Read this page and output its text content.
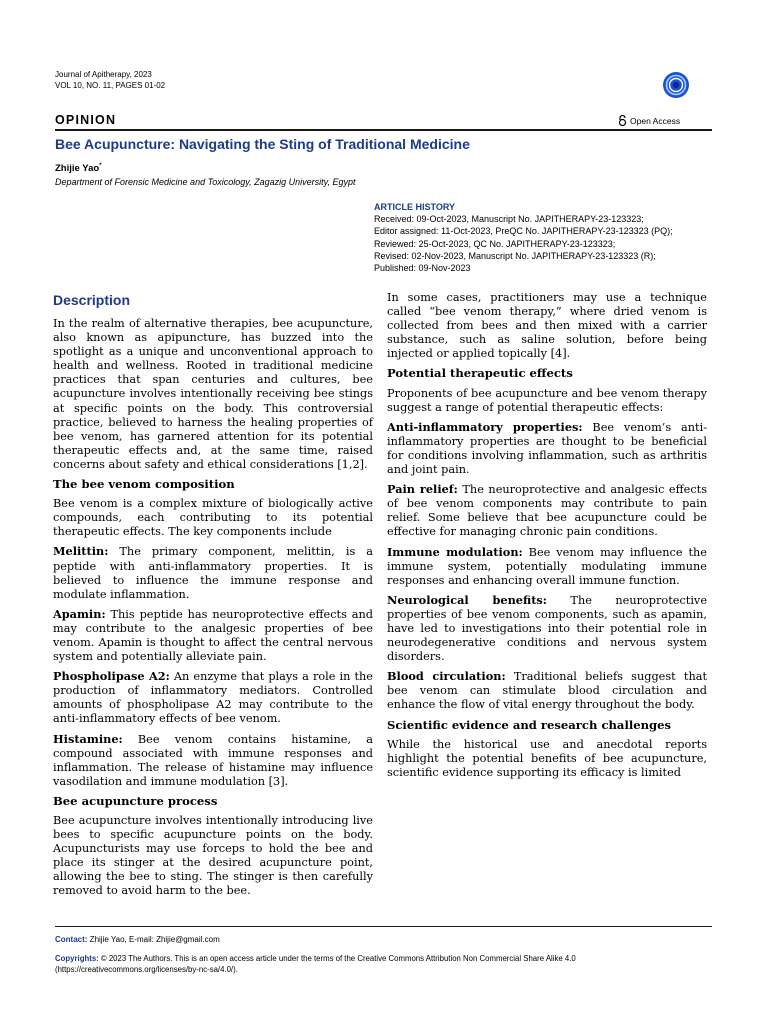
Journal of Apitherapy, 2023
VOL 10, NO. 11, PAGES 01-02
OPINION	Open Access
Bee Acupuncture: Navigating the Sting of Traditional Medicine
Zhijie Yao*
Department of Forensic Medicine and Toxicology, Zagazig University, Egypt
ARTICLE HISTORY
Received: 09-Oct-2023, Manuscript No. JAPITHERAPY-23-123323;
Editor assigned: 11-Oct-2023, PreQC No. JAPITHERAPY-23-123323 (PQ);
Reviewed: 25-Oct-2023, QC No. JAPITHERAPY-23-123323;
Revised: 02-Nov-2023, Manuscript No. JAPITHERAPY-23-123323 (R);
Published: 09-Nov-2023
Description

In the realm of alternative therapies, bee acupuncture, also known as apipuncture, has buzzed into the spotlight as a unique and unconventional approach to health and wellness. Rooted in traditional medicine practices that span centuries and cultures, bee acupuncture involves intentionally receiving bee stings at specific points on the body. This controversial practice, believed to harness the healing properties of bee venom, has garnered attention for its potential therapeutic effects and, at the same time, raised concerns about safety and ethical considerations [1,2].

The bee venom composition

Bee venom is a complex mixture of biologically active compounds, each contributing to its potential therapeutic effects. The key components include

Melittin: The primary component, melittin, is a peptide with anti-inflammatory properties. It is believed to influence the immune response and modulate inflammation.

Apamin: This peptide has neuroprotective effects and may contribute to the analgesic properties of bee venom. Apamin is thought to affect the central nervous system and potentially alleviate pain.

Phospholipase A2: An enzyme that plays a role in the production of inflammatory mediators. Controlled amounts of phospholipase A2 may contribute to the anti-inflammatory effects of bee venom.

Histamine: Bee venom contains histamine, a compound associated with immune responses and inflammation. The release of histamine may influence vasodilation and immune modulation [3].

Bee acupuncture process

Bee acupuncture involves intentionally introducing live bees to specific acupuncture points on the body. Acupuncturists may use forceps to hold the bee and place its stinger at the desired acupuncture point, allowing the bee to sting. The stinger is then carefully removed to avoid harm to the bee.

In some cases, practitioners may use a technique called “bee venom therapy,” where dried venom is collected from bees and then mixed with a carrier substance, such as saline solution, before being injected or applied topically [4].

Potential therapeutic effects

Proponents of bee acupuncture and bee venom therapy suggest a range of potential therapeutic effects:

Anti-inflammatory properties: Bee venom’s anti-inflammatory properties are thought to be beneficial for conditions involving inflammation, such as arthritis and joint pain.

Pain relief: The neuroprotective and analgesic effects of bee venom components may contribute to pain relief. Some believe that bee acupuncture could be effective for managing chronic pain conditions.

Immune modulation: Bee venom may influence the immune system, potentially modulating immune responses and enhancing overall immune function.

Neurological benefits: The neuroprotective properties of bee venom components, such as apamin, have led to investigations into their potential role in neurodegenerative conditions and nervous system disorders.

Blood circulation: Traditional beliefs suggest that bee venom can stimulate blood circulation and enhance the flow of vital energy throughout the body.

Scientific evidence and research challenges

While the historical use and anecdotal reports highlight the potential benefits of bee acupuncture, scientific evidence supporting its efficacy is limited

Contact: Zhijie Yao, E-mail: Zhijie@gmail.com
Copyrights: © 2023 The Authors. This is an open access article under the terms of the Creative Commons Attribution Non Commercial Share Alike 4.0 (https://creativecommons.org/licenses/by-nc-sa/4.0/).
